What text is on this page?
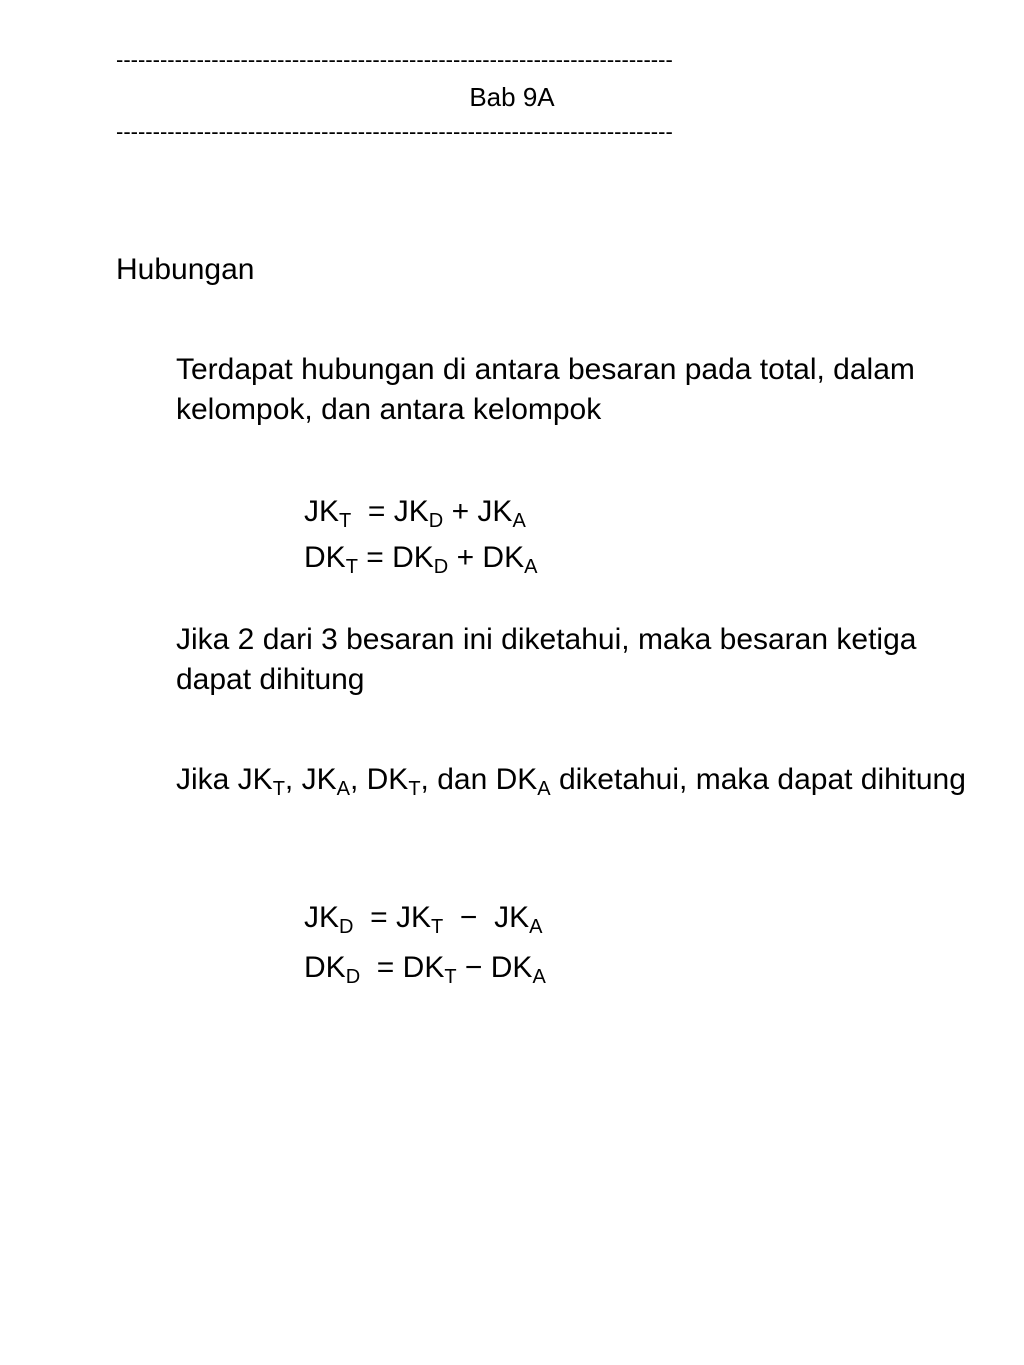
----------------------------------------------------------------------------
Bab 9A
----------------------------------------------------------------------------
Hubungan
Terdapat hubungan di antara besaran pada total, dalam kelompok, dan antara kelompok
$JK_T = JK_D + JK_A$
$DK_T = DK_D + DK_A$
Jika 2 dari 3 besaran ini diketahui, maka besaran ketiga dapat dihitung
Jika $JK_T$, $JK_A$, $DK_T$, dan $DK_A$ diketahui, maka dapat dihitung
$JK_D = JK_T - JK_A$
$DK_D = DK_T - DK_A$
